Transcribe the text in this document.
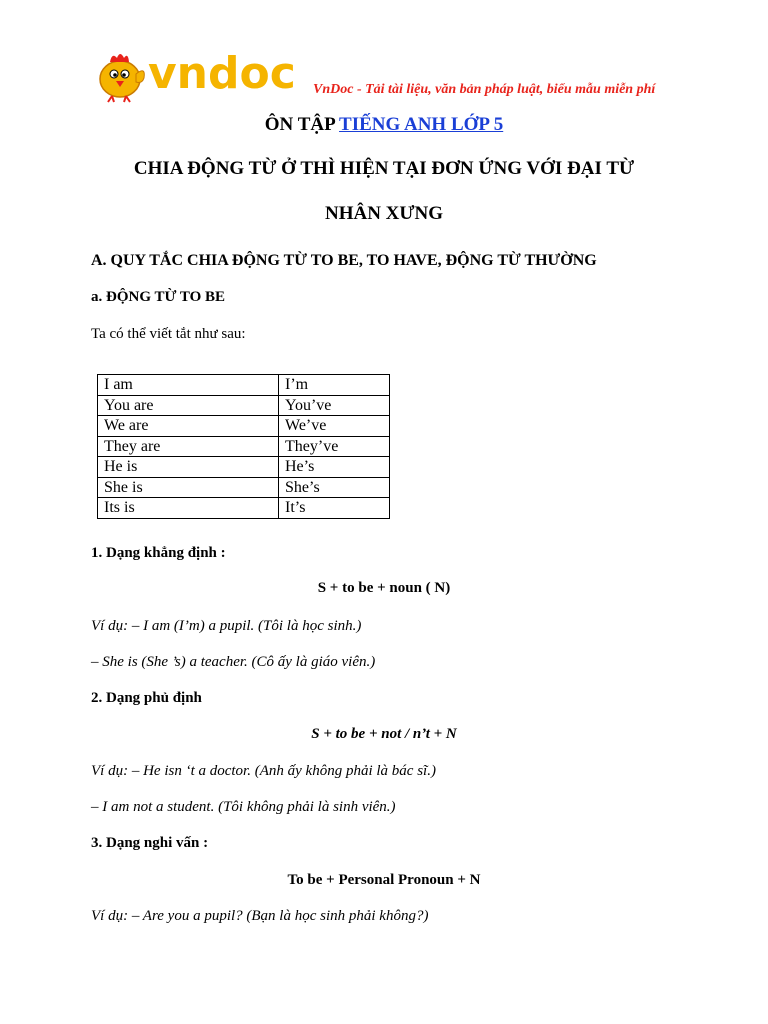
vndoc VnDoc - Tải tài liệu, văn bản pháp luật, biểu mẫu miễn phí
ÔN TẬP TIẾNG ANH LỚP 5
CHIA ĐỘNG TỪ Ở THÌ HIỆN TẠI ĐƠN ỨNG VỚI ĐẠI TỪ
NHÂN XƯNG
A. QUY TẮC CHIA ĐỘNG TỪ TO BE, TO HAVE, ĐỘNG TỪ THƯỜNG
a. ĐỘNG TỪ TO BE
Ta có thể viết tắt như sau:
I am	I’m
You are	You’ve
We are	We’ve
They are	They’ve
He is	He’s
She is	She’s
Its is	It’s
1. Dạng khẳng định :
S + to be + noun ( N)
Ví dụ: – I am (I’m) a pupil. (Tôi là học sinh.)
– She is (She ’s) a teacher. (Cô ấy là giáo viên.)
2. Dạng phủ định
S + to be + not / n’t + N
Ví dụ: – He isn ‘t a doctor. (Anh ấy không phải là bác sĩ.)
– I am not a student. (Tôi không phải là sinh viên.)
3. Dạng nghi vấn :
To be + Personal Pronoun + N
Ví dụ: – Are you a pupil? (Bạn là học sinh phải không?)
